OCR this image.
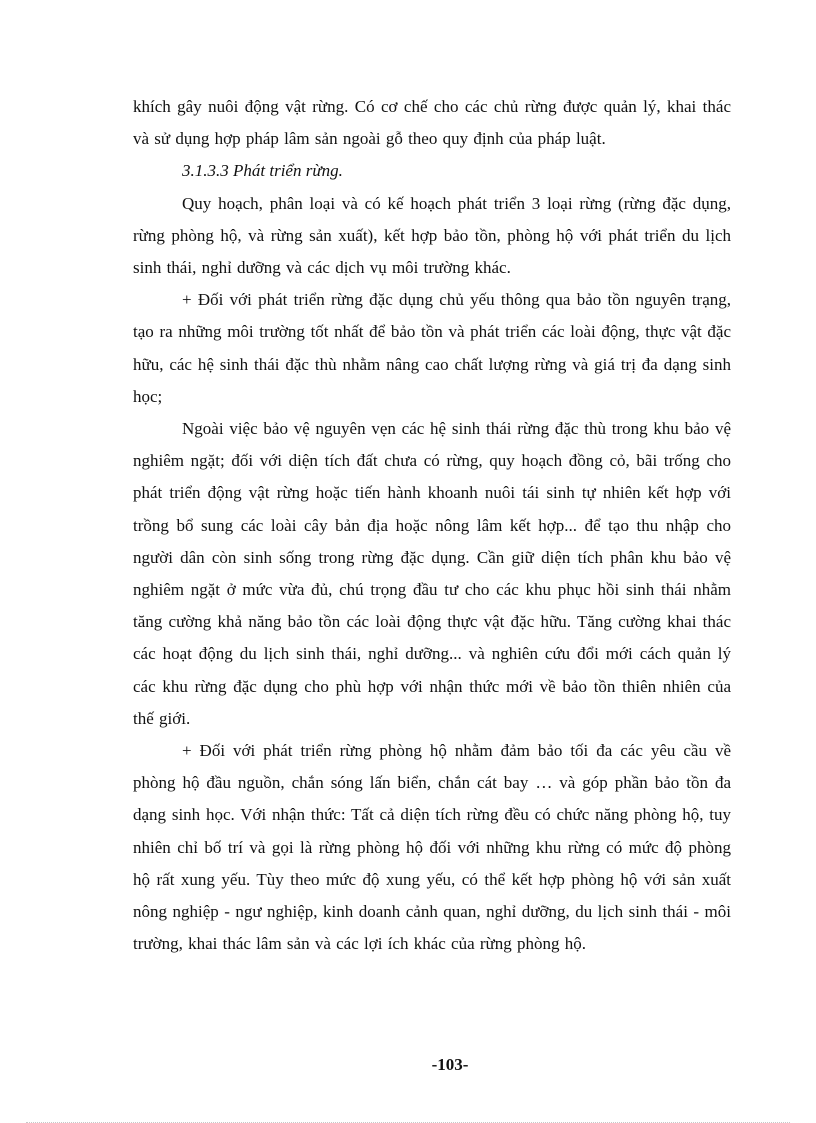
khích gây nuôi động vật rừng. Có cơ chế cho các chủ rừng được quản lý, khai thác và sử dụng hợp pháp lâm sản ngoài gỗ theo quy định của pháp luật.

3.1.3.3 Phát triển rừng.

Quy hoạch, phân loại và có kế hoạch phát triển 3 loại rừng (rừng đặc dụng, rừng phòng hộ, và rừng sản xuất), kết hợp bảo tồn, phòng hộ với phát triển du lịch sinh thái, nghỉ dưỡng và các dịch vụ môi trường khác.

+ Đối với phát triển rừng đặc dụng chủ yếu thông qua bảo tồn nguyên trạng, tạo ra những môi trường tốt nhất để bảo tồn và phát triển các loài động, thực vật đặc hữu, các hệ sinh thái đặc thù nhằm nâng cao chất lượng rừng và giá trị đa dạng sinh học;

Ngoài việc bảo vệ nguyên vẹn các hệ sinh thái rừng đặc thù trong khu bảo vệ nghiêm ngặt; đối với diện tích đất chưa có rừng, quy hoạch đồng cỏ, bãi trống cho phát triển động vật rừng hoặc tiến hành khoanh nuôi tái sinh tự nhiên kết hợp với trồng bổ sung các loài cây bản địa hoặc nông lâm kết hợp... để tạo thu nhập cho người dân còn sinh sống trong rừng đặc dụng. Cần giữ diện tích phân khu bảo vệ nghiêm ngặt ở mức vừa đủ, chú trọng đầu tư cho các khu phục hồi sinh thái nhằm tăng cường khả năng bảo tồn các loài động thực vật đặc hữu. Tăng cường khai thác các hoạt động du lịch sinh thái, nghỉ dưỡng... và nghiên cứu đổi mới cách quản lý các khu rừng đặc dụng cho phù hợp với nhận thức mới về bảo tồn thiên nhiên của thế giới.

+ Đối với phát triển rừng phòng hộ nhằm đảm bảo tối đa các yêu cầu về phòng hộ đầu nguồn, chắn sóng lấn biển, chắn cát bay … và góp phần bảo tồn đa dạng sinh học. Với nhận thức: Tất cả diện tích rừng đều có chức năng phòng hộ, tuy nhiên chỉ bố trí và gọi là rừng phòng hộ đối với những khu rừng có mức độ phòng hộ rất xung yếu. Tùy theo mức độ xung yếu, có thể kết hợp phòng hộ với sản xuất nông nghiệp - ngư nghiệp, kinh doanh cảnh quan, nghỉ dưỡng, du lịch sinh thái - môi trường, khai thác lâm sản và các lợi ích khác của rừng phòng hộ.

-103-
